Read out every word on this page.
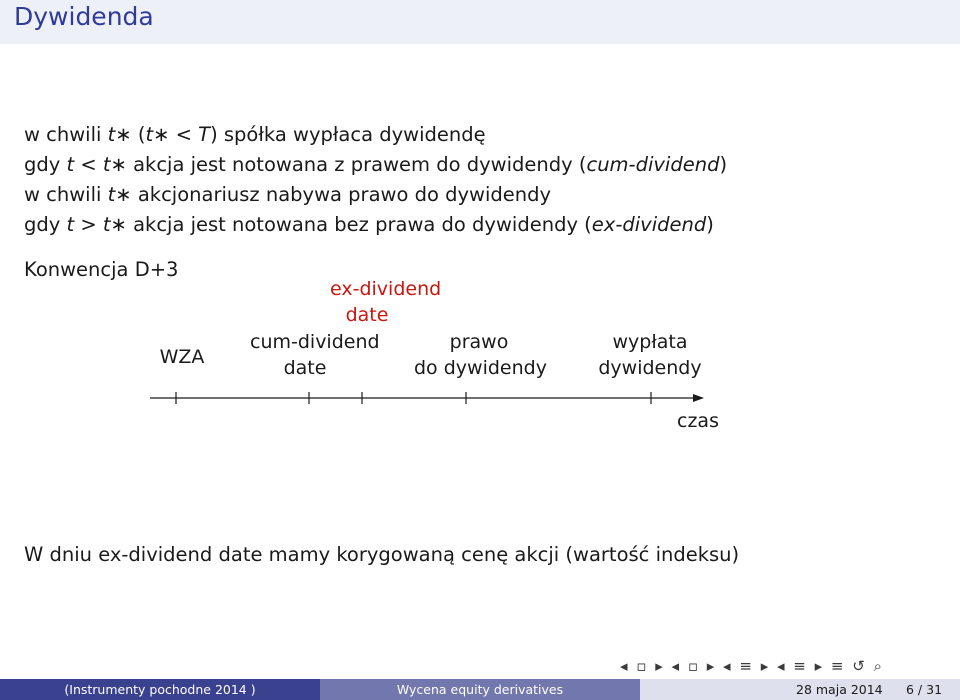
Dywidenda
w chwili t∗ (t∗ < T) spółka wypłaca dywidendę
gdy t < t∗ akcja jest notowana z prawem do dywidendy (cum-dividend)
w chwili t∗ akcjonariusz nabywa prawo do dywidendy
gdy t > t∗ akcja jest notowana bez prawa do dywidendy (ex-dividend)
Konwencja D+3
ex-dividend
date
WZA
cum-dividend
date
prawo
do dywidendy
wypłata
dywidendy
czas
W dniu ex-dividend date mamy korygowaną cenę akcji (wartość indeksu)
◂ ▫ ▸ ◂ ▫ ▸ ◂ ≡ ▸ ◂ ≡ ▸ ≡ ↺ ⌕
(Instrumenty pochodne 2014 )	Wycena equity derivatives	28 maja 2014 6 / 31
